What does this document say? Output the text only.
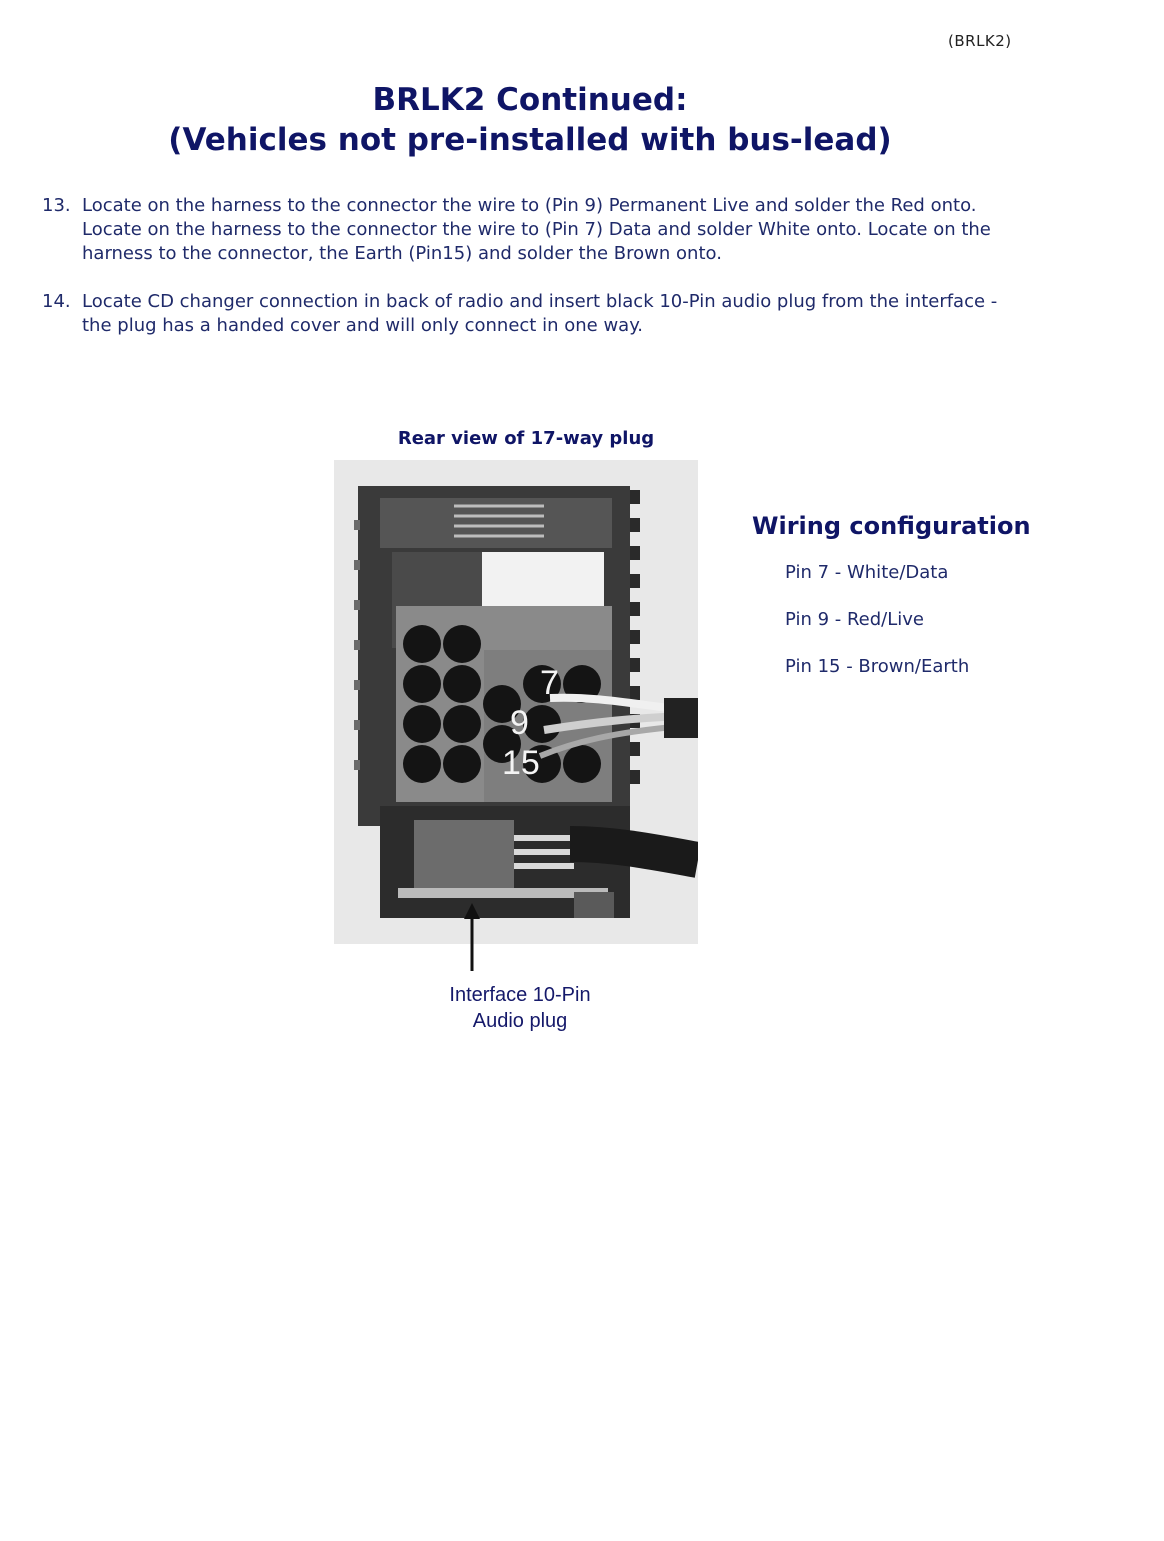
(BRLK2)
BRLK2 Continued:
(Vehicles not pre-installed with bus-lead)
13. Locate on the harness to the connector the wire to (Pin 9) Permanent Live and solder the Red onto. Locate on the harness to the connector the wire to (Pin 7) Data and solder White onto. Locate on the harness to the connector, the Earth (Pin15) and solder the Brown onto.
14. Locate CD changer connection in back of radio and insert black 10-Pin audio plug from the interface - the plug has a handed cover and will only connect in one way.
Rear view of 17-way plug
7
9
15
Interface 10-Pin
Audio plug
Wiring configuration
Pin 7 - White/Data
Pin 9 - Red/Live
Pin 15 - Brown/Earth
